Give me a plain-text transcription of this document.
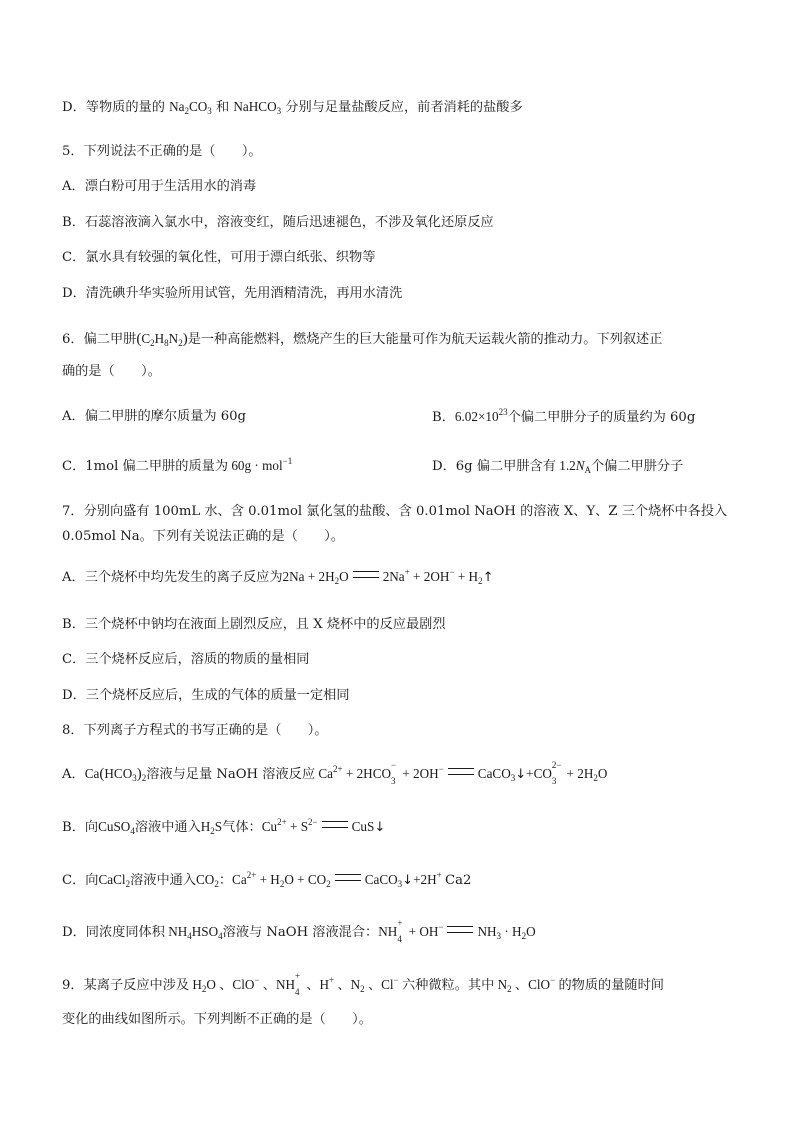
D．等物质的量的 $Na_2CO_3$ 和 NaHCO$_3$ 分别与足量盐酸反应，前者消耗的盐酸多
5．下列说法不正确的是（　　）。
A．漂白粉可用于生活用水的消毒
B．石蕊溶液滴入氯水中，溶液变红，随后迅速褪色，不涉及氧化还原反应
C．氯水具有较强的氧化性，可用于漂白纸张、织物等
D．清洗碘升华实验所用试管，先用酒精清洗，再用水清洗
6．偏二甲肼$(C_2H_8N_2)$是一种高能燃料，燃烧产生的巨大能量可作为航天运载火箭的推动力。下列叙述正
确的是（　　）。
A．偏二甲肼的摩尔质量为 60g	B．$6.02\times 10^{23}$个偏二甲肼分子的质量约为 60g
C．1mol 偏二甲肼的质量为 60g · mol$^{-1}$	D．6g 偏二甲肼含有 $1.2N_A$个偏二甲肼分子
7．分别向盛有 100mL 水、含 0.01mol 氯化氢的盐酸、含 0.01mol NaOH 的溶液 X、Y、Z 三个烧杯中各投入
0.05mol Na。下列有关说法正确的是（　　）。
A．三个烧杯中均先发生的离子反应为$2Na + 2H_2O$	$2Na^+ + 2OH^- + H_2↑$
B．三个烧杯中钠均在液面上剧烈反应，且 X 烧杯中的反应最剧烈
C．三个烧杯反应后，溶质的物质的量相同
D．三个烧杯反应后，生成的气体的质量一定相同
8．下列离子方程式的书写正确的是（　　）。
A．$Ca(HCO_3)_2$溶液与足量 NaOH 溶液反应 $Ca^{2+} + 2HCO$
−
3 + 2OH−	CaCO$_3$↓+CO
2−
$3 + 2H_2O$
B．向CuSO$_4$溶液中通入$H_2S$气体：$Cu^{2+} + S^{2-}$	CuS↓
C．向CaCl$_2$溶液中通入$CO_2$：$Ca^{2+} + H_2O + CO_2$	CaCO$_3$↓+2H+ Ca2
D．同浓度同体积 $NH_4HSO_4$溶液与 NaOH 溶液混合：NH
+
4 + OH−	$NH_3 \cdot H_2O$
9．某离子反应中涉及 $H_2O$ 、ClO− 、NH
+
4 、H+ 、$N_2$ 、Cl− 六种微粒。其中 $N_2$ 、ClO− 的物质的量随时间
变化的曲线如图所示。下列判断不正确的是（　　）。
